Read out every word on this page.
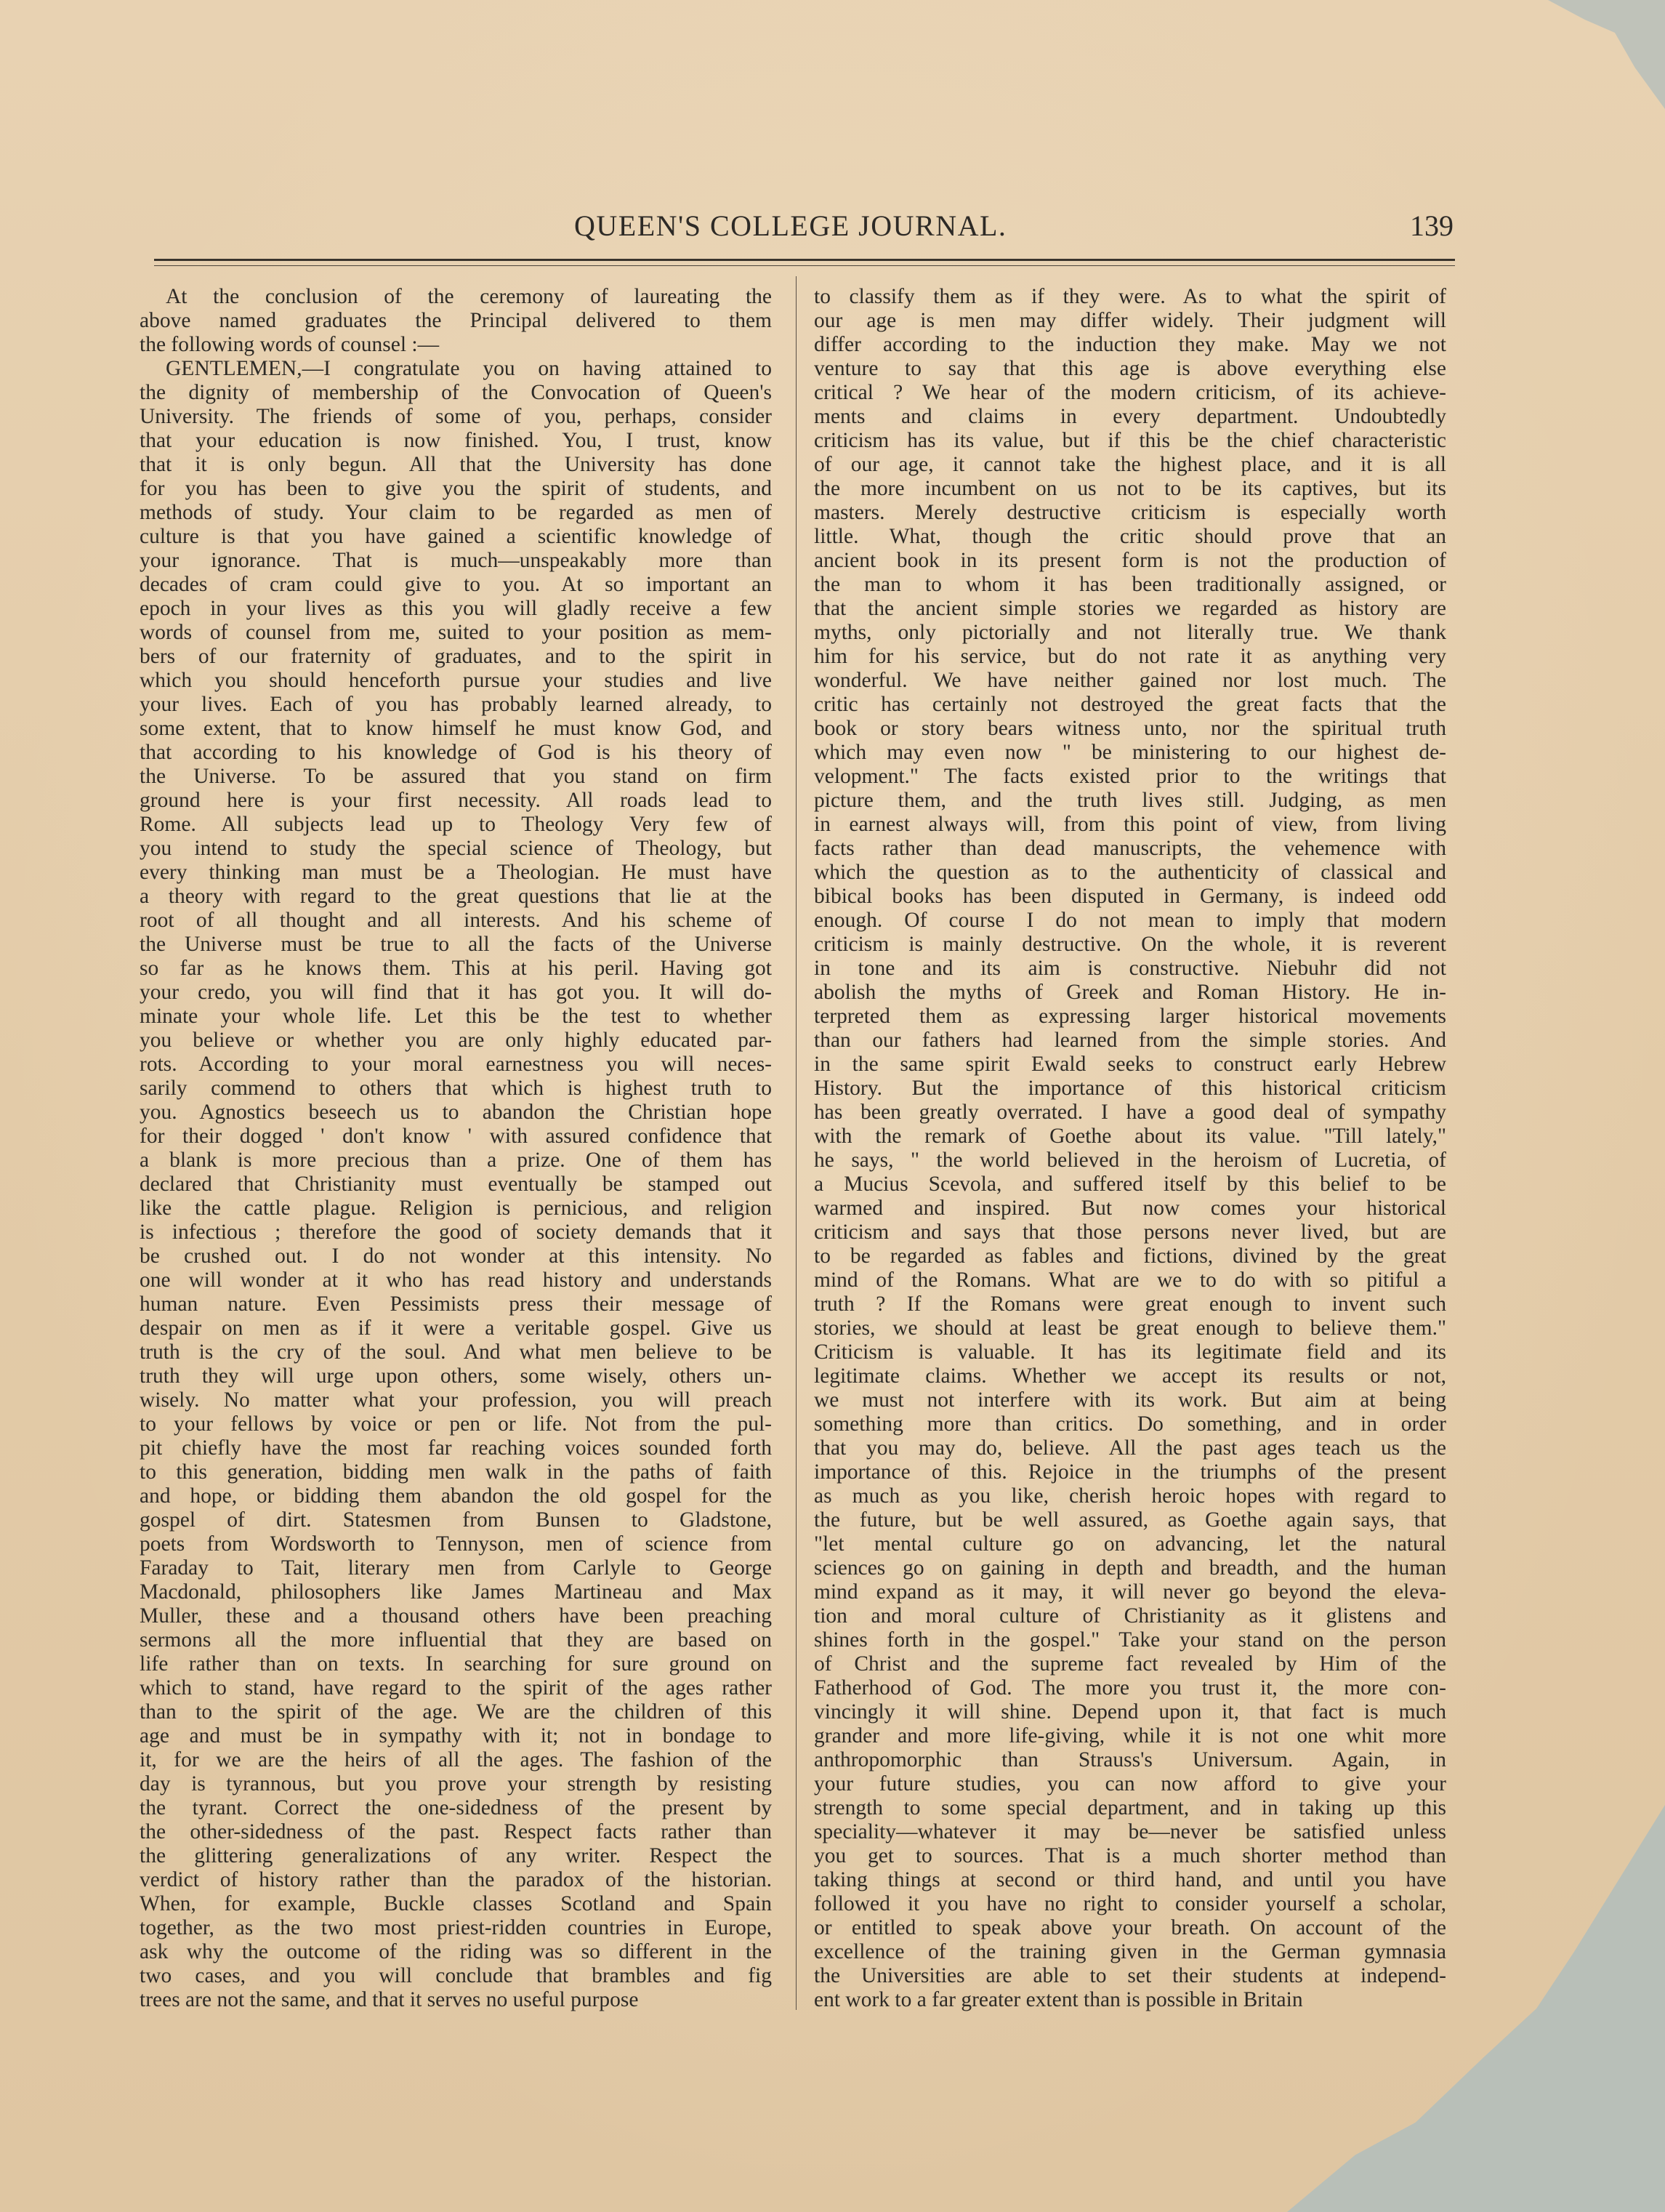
QUEEN'S COLLEGE JOURNAL.	139
At the conclusion of the ceremony of laureating the
above named graduates the Principal delivered to them
the following words of counsel :—
GENTLEMEN,—I congratulate you on having attained to
the dignity of membership of the Convocation of Queen's
University. The friends of some of you, perhaps, consider
that your education is now finished. You, I trust, know
that it is only begun. All that the University has done
for you has been to give you the spirit of students, and
methods of study. Your claim to be regarded as men of
culture is that you have gained a scientific knowledge of
your ignorance. That is much—unspeakably more than
decades of cram could give to you. At so important an
epoch in your lives as this you will gladly receive a few
words of counsel from me, suited to your position as mem-
bers of our fraternity of graduates, and to the spirit in
which you should henceforth pursue your studies and live
your lives. Each of you has probably learned already, to
some extent, that to know himself he must know God, and
that according to his knowledge of God is his theory of
the Universe. To be assured that you stand on firm
ground here is your first necessity. All roads lead to
Rome. All subjects lead up to Theology Very few of
you intend to study the special science of Theology, but
every thinking man must be a Theologian. He must have
a theory with regard to the great questions that lie at the
root of all thought and all interests. And his scheme of
the Universe must be true to all the facts of the Universe
so far as he knows them. This at his peril. Having got
your credo, you will find that it has got you. It will do-
minate your whole life. Let this be the test to whether
you believe or whether you are only highly educated par-
rots. According to your moral earnestness you will neces-
sarily commend to others that which is highest truth to
you. Agnostics beseech us to abandon the Christian hope
for their dogged ' don't know ' with assured confidence that
a blank is more precious than a prize. One of them has
declared that Christianity must eventually be stamped out
like the cattle plague. Religion is pernicious, and religion
is infectious ; therefore the good of society demands that it
be crushed out. I do not wonder at this intensity. No
one will wonder at it who has read history and understands
human nature. Even Pessimists press their message of
despair on men as if it were a veritable gospel. Give us
truth is the cry of the soul. And what men believe to be
truth they will urge upon others, some wisely, others un-
wisely. No matter what your profession, you will preach
to your fellows by voice or pen or life. Not from the pul-
pit chiefly have the most far reaching voices sounded forth
to this generation, bidding men walk in the paths of faith
and hope, or bidding them abandon the old gospel for the
gospel of dirt. Statesmen from Bunsen to Gladstone,
poets from Wordsworth to Tennyson, men of science from
Faraday to Tait, literary men from Carlyle to George
Macdonald, philosophers like James Martineau and Max
Muller, these and a thousand others have been preaching
sermons all the more influential that they are based on
life rather than on texts. In searching for sure ground on
which to stand, have regard to the spirit of the ages rather
than to the spirit of the age. We are the children of this
age and must be in sympathy with it; not in bondage to
it, for we are the heirs of all the ages. The fashion of the
day is tyrannous, but you prove your strength by resisting
the tyrant. Correct the one-sidedness of the present by
the other-sidedness of the past. Respect facts rather than
the glittering generalizations of any writer. Respect the
verdict of history rather than the paradox of the historian.
When, for example, Buckle classes Scotland and Spain
together, as the two most priest-ridden countries in Europe,
ask why the outcome of the riding was so different in the
two cases, and you will conclude that brambles and fig
trees are not the same, and that it serves no useful purpose
to classify them as if they were. As to what the spirit of
our age is men may differ widely. Their judgment will
differ according to the induction they make. May we not
venture to say that this age is above everything else
critical ? We hear of the modern criticism, of its achieve-
ments and claims in every department. Undoubtedly
criticism has its value, but if this be the chief characteristic
of our age, it cannot take the highest place, and it is all
the more incumbent on us not to be its captives, but its
masters. Merely destructive criticism is especially worth
little. What, though the critic should prove that an
ancient book in its present form is not the production of
the man to whom it has been traditionally assigned, or
that the ancient simple stories we regarded as history are
myths, only pictorially and not literally true. We thank
him for his service, but do not rate it as anything very
wonderful. We have neither gained nor lost much. The
critic has certainly not destroyed the great facts that the
book or story bears witness unto, nor the spiritual truth
which may even now " be ministering to our highest de-
velopment." The facts existed prior to the writings that
picture them, and the truth lives still. Judging, as men
in earnest always will, from this point of view, from living
facts rather than dead manuscripts, the vehemence with
which the question as to the authenticity of classical and
bibical books has been disputed in Germany, is indeed odd
enough. Of course I do not mean to imply that modern
criticism is mainly destructive. On the whole, it is reverent
in tone and its aim is constructive. Niebuhr did not
abolish the myths of Greek and Roman History. He in-
terpreted them as expressing larger historical movements
than our fathers had learned from the simple stories. And
in the same spirit Ewald seeks to construct early Hebrew
History. But the importance of this historical criticism
has been greatly overrated. I have a good deal of sympathy
with the remark of Goethe about its value. "Till lately,"
he says, " the world believed in the heroism of Lucretia, of
a Mucius Scevola, and suffered itself by this belief to be
warmed and inspired. But now comes your historical
criticism and says that those persons never lived, but are
to be regarded as fables and fictions, divined by the great
mind of the Romans. What are we to do with so pitiful a
truth ? If the Romans were great enough to invent such
stories, we should at least be great enough to believe them."
Criticism is valuable. It has its legitimate field and its
legitimate claims. Whether we accept its results or not,
we must not interfere with its work. But aim at being
something more than critics. Do something, and in order
that you may do, believe. All the past ages teach us the
importance of this. Rejoice in the triumphs of the present
as much as you like, cherish heroic hopes with regard to
the future, but be well assured, as Goethe again says, that
"let mental culture go on advancing, let the natural
sciences go on gaining in depth and breadth, and the human
mind expand as it may, it will never go beyond the eleva-
tion and moral culture of Christianity as it glistens and
shines forth in the gospel." Take your stand on the person
of Christ and the supreme fact revealed by Him of the
Fatherhood of God. The more you trust it, the more con-
vincingly it will shine. Depend upon it, that fact is much
grander and more life-giving, while it is not one whit more
anthropomorphic than Strauss's Universum. Again, in
your future studies, you can now afford to give your
strength to some special department, and in taking up this
speciality—whatever it may be—never be satisfied unless
you get to sources. That is a much shorter method than
taking things at second or third hand, and until you have
followed it you have no right to consider yourself a scholar,
or entitled to speak above your breath. On account of the
excellence of the training given in the German gymnasia
the Universities are able to set their students at independ-
ent work to a far greater extent than is possible in Britain
